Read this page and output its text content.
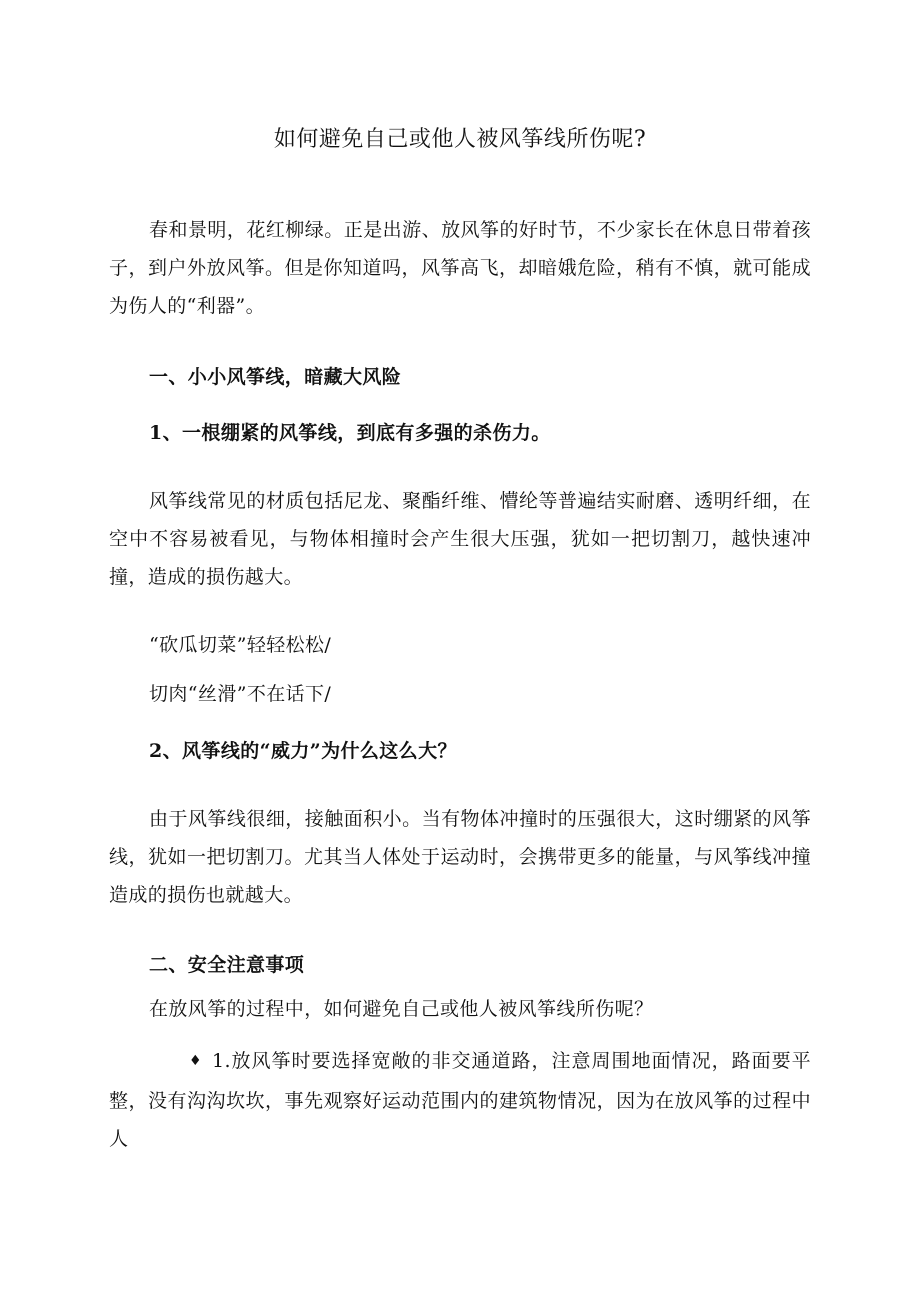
如何避免自己或他人被风筝线所伤呢?
春和景明，花红柳绿。正是出游、放风筝的好时节，不少家长在休息日带着孩子，到户外放风筝。但是你知道吗，风筝高飞，却暗娥危险，稍有不慎，就可能成为伤人的“利器”。
一、小小风筝线，暗藏大风险
1、一根绷紧的风筝线，到底有多强的杀伤力。
风筝线常见的材质包括尼龙、聚酯纤维、懵纶等普遍结实耐磨、透明纤细，在空中不容易被看见，与物体相撞时会产生很大压强，犹如一把切割刀，越快速冲撞，造成的损伤越大。
“砍瓜切菜”轻轻松松/
切肉“丝滑”不在话下/
2、风筝线的“威力”为什么这么大？
由于风筝线很细，接触面积小。当有物体冲撞时的压强很大，这时绷紧的风筝线，犹如一把切割刀。尤其当人体处于运动时，会携带更多的能量，与风筝线冲撞造成的损伤也就越大。
二、安全注意事项
在放风筝的过程中，如何避免自己或他人被风筝线所伤呢？
♦ 1.放风筝时要选择宽敞的非交通道路，注意周围地面情况，路面要平整，没有沟沟坎坎，事先观察好运动范围内的建筑物情况，因为在放风筝的过程中人
